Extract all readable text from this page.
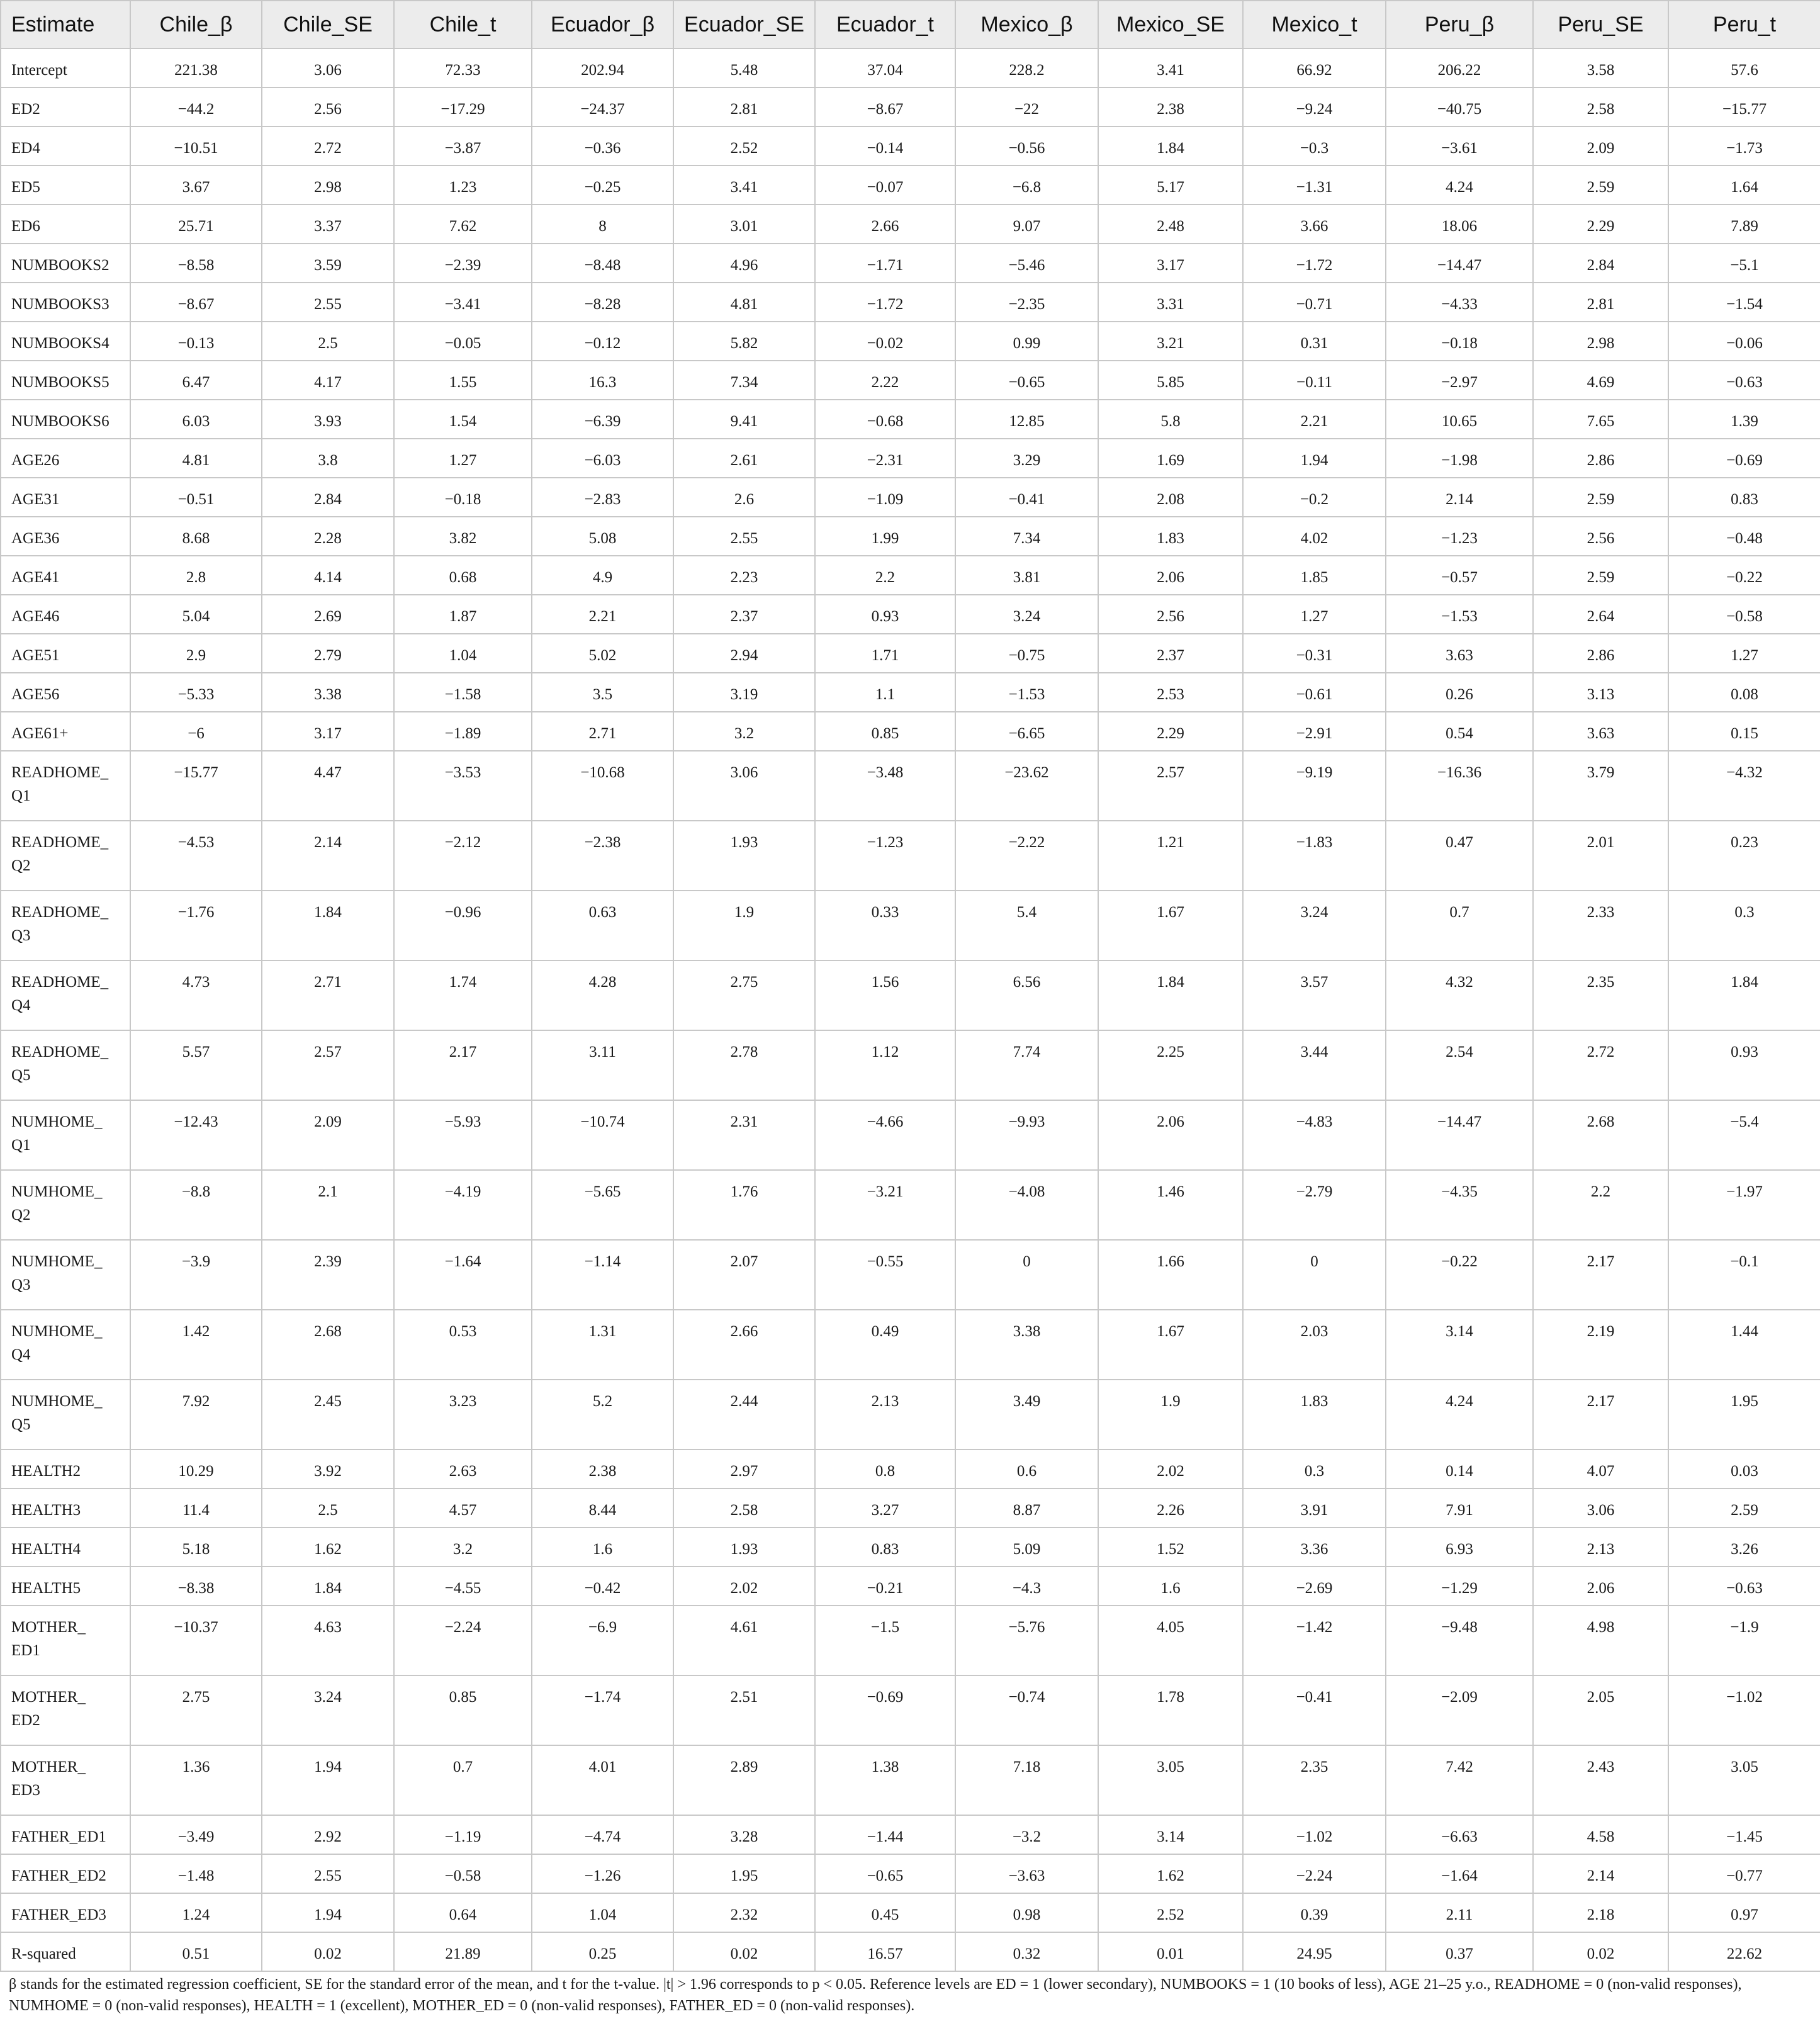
Estimate	Chile_β	Chile_SE	Chile_t	Ecuador_β	Ecuador_SE	Ecuador_t	Mexico_β	Mexico_SE	Mexico_t	Peru_β	Peru_SE	Peru_t
Intercept	221.38	3.06	72.33	202.94	5.48	37.04	228.2	3.41	66.92	206.22	3.58	57.6
ED2	−44.2	2.56	−17.29	−24.37	2.81	−8.67	−22	2.38	−9.24	−40.75	2.58	−15.77
ED4	−10.51	2.72	−3.87	−0.36	2.52	−0.14	−0.56	1.84	−0.3	−3.61	2.09	−1.73
ED5	3.67	2.98	1.23	−0.25	3.41	−0.07	−6.8	5.17	−1.31	4.24	2.59	1.64
ED6	25.71	3.37	7.62	8	3.01	2.66	9.07	2.48	3.66	18.06	2.29	7.89
NUMBOOKS2	−8.58	3.59	−2.39	−8.48	4.96	−1.71	−5.46	3.17	−1.72	−14.47	2.84	−5.1
NUMBOOKS3	−8.67	2.55	−3.41	−8.28	4.81	−1.72	−2.35	3.31	−0.71	−4.33	2.81	−1.54
NUMBOOKS4	−0.13	2.5	−0.05	−0.12	5.82	−0.02	0.99	3.21	0.31	−0.18	2.98	−0.06
NUMBOOKS5	6.47	4.17	1.55	16.3	7.34	2.22	−0.65	5.85	−0.11	−2.97	4.69	−0.63
NUMBOOKS6	6.03	3.93	1.54	−6.39	9.41	−0.68	12.85	5.8	2.21	10.65	7.65	1.39
AGE26	4.81	3.8	1.27	−6.03	2.61	−2.31	3.29	1.69	1.94	−1.98	2.86	−0.69
AGE31	−0.51	2.84	−0.18	−2.83	2.6	−1.09	−0.41	2.08	−0.2	2.14	2.59	0.83
AGE36	8.68	2.28	3.82	5.08	2.55	1.99	7.34	1.83	4.02	−1.23	2.56	−0.48
AGE41	2.8	4.14	0.68	4.9	2.23	2.2	3.81	2.06	1.85	−0.57	2.59	−0.22
AGE46	5.04	2.69	1.87	2.21	2.37	0.93	3.24	2.56	1.27	−1.53	2.64	−0.58
AGE51	2.9	2.79	1.04	5.02	2.94	1.71	−0.75	2.37	−0.31	3.63	2.86	1.27
AGE56	−5.33	3.38	−1.58	3.5	3.19	1.1	−1.53	2.53	−0.61	0.26	3.13	0.08
AGE61+	−6	3.17	−1.89	2.71	3.2	0.85	−6.65	2.29	−2.91	0.54	3.63	0.15
READHOME_
Q1	−15.77	4.47	−3.53	−10.68	3.06	−3.48	−23.62	2.57	−9.19	−16.36	3.79	−4.32
READHOME_
Q2	−4.53	2.14	−2.12	−2.38	1.93	−1.23	−2.22	1.21	−1.83	0.47	2.01	0.23
READHOME_
Q3	−1.76	1.84	−0.96	0.63	1.9	0.33	5.4	1.67	3.24	0.7	2.33	0.3
READHOME_
Q4	4.73	2.71	1.74	4.28	2.75	1.56	6.56	1.84	3.57	4.32	2.35	1.84
READHOME_
Q5	5.57	2.57	2.17	3.11	2.78	1.12	7.74	2.25	3.44	2.54	2.72	0.93
NUMHOME_
Q1	−12.43	2.09	−5.93	−10.74	2.31	−4.66	−9.93	2.06	−4.83	−14.47	2.68	−5.4
NUMHOME_
Q2	−8.8	2.1	−4.19	−5.65	1.76	−3.21	−4.08	1.46	−2.79	−4.35	2.2	−1.97
NUMHOME_
Q3	−3.9	2.39	−1.64	−1.14	2.07	−0.55	0	1.66	0	−0.22	2.17	−0.1
NUMHOME_
Q4	1.42	2.68	0.53	1.31	2.66	0.49	3.38	1.67	2.03	3.14	2.19	1.44
NUMHOME_
Q5	7.92	2.45	3.23	5.2	2.44	2.13	3.49	1.9	1.83	4.24	2.17	1.95
HEALTH2	10.29	3.92	2.63	2.38	2.97	0.8	0.6	2.02	0.3	0.14	4.07	0.03
HEALTH3	11.4	2.5	4.57	8.44	2.58	3.27	8.87	2.26	3.91	7.91	3.06	2.59
HEALTH4	5.18	1.62	3.2	1.6	1.93	0.83	5.09	1.52	3.36	6.93	2.13	3.26
HEALTH5	−8.38	1.84	−4.55	−0.42	2.02	−0.21	−4.3	1.6	−2.69	−1.29	2.06	−0.63
MOTHER_
ED1	−10.37	4.63	−2.24	−6.9	4.61	−1.5	−5.76	4.05	−1.42	−9.48	4.98	−1.9
MOTHER_
ED2	2.75	3.24	0.85	−1.74	2.51	−0.69	−0.74	1.78	−0.41	−2.09	2.05	−1.02
MOTHER_
ED3	1.36	1.94	0.7	4.01	2.89	1.38	7.18	3.05	2.35	7.42	2.43	3.05
FATHER_ED1	−3.49	2.92	−1.19	−4.74	3.28	−1.44	−3.2	3.14	−1.02	−6.63	4.58	−1.45
FATHER_ED2	−1.48	2.55	−0.58	−1.26	1.95	−0.65	−3.63	1.62	−2.24	−1.64	2.14	−0.77
FATHER_ED3	1.24	1.94	0.64	1.04	2.32	0.45	0.98	2.52	0.39	2.11	2.18	0.97
R-squared	0.51	0.02	21.89	0.25	0.02	16.57	0.32	0.01	24.95	0.37	0.02	22.62
β stands for the estimated regression coefficient, SE for the standard error of the mean, and t for the t-value. |t| > 1.96 corresponds to p < 0.05. Reference levels are ED = 1 (lower secondary), NUMBOOKS = 1 (10 books of less), AGE 21–25 y.o., READHOME = 0 (non-valid responses), NUMHOME = 0 (non-valid responses), HEALTH = 1 (excellent), MOTHER_ED = 0 (non-valid responses), FATHER_ED = 0 (non-valid responses).
